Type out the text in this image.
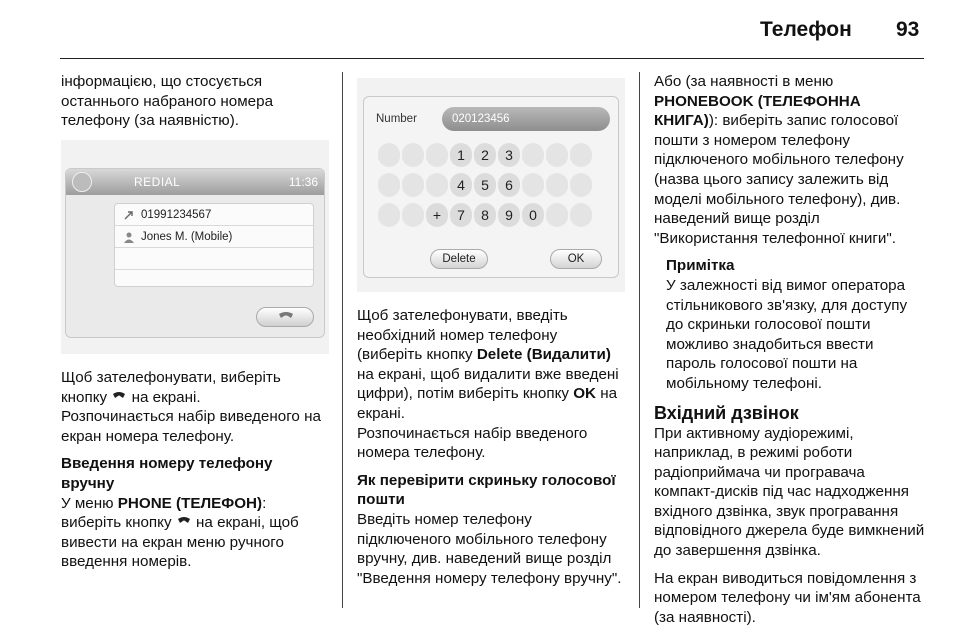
Телефон 93

інформацією, що стосується останнього набраного номера телефону (за наявністю).

REDIAL	11:36
01991234567
Jones M. (Mobile)

Щоб зателефонувати, виберіть кнопку на екрані.

Розпочинається набір виведеного на екран номера телефону.

Введення номеру телефону вручну

У меню PHONE (ТЕЛЕФОН): виберіть кнопку на екрані, щоб вивести на екран меню ручного введення номерів.

Number	020123456
1	2	3
4	5	6
+	7	8	9	0
Delete	OK

Щоб зателефонувати, введіть необхідний номер телефону (виберіть кнопку Delete (Видалити) на екрані, щоб видалити вже введені цифри), потім виберіть кнопку OK на екрані.

Розпочинається набір введеного номера телефону.

Як перевірити скриньку голосової пошти

Введіть номер телефону підключеного мобільного телефону вручну, див. наведений вище розділ "Введення номеру телефону вручну".

Або (за наявності в меню PHONEBOOK (ТЕЛЕФОННА КНИГА)): виберіть запис голосової пошти з номером телефону підключеного мобільного телефону (назва цього запису залежить від моделі мобільного телефону), див. наведений вище розділ "Використання телефонної книги".

Примітка

У залежності від вимог оператора стільникового зв'язку, для доступу до скриньки голосової пошти можливо знадобиться ввести пароль голосової пошти на мобільному телефоні.

Вхідний дзвінок

При активному аудіорежимі, наприклад, в режимі роботи радіоприймача чи програвача компакт-дисків під час надходження вхідного дзвінка, звук програвання відповідного джерела буде вимкнений до завершення дзвінка.

На екран виводиться повідомлення з номером телефону чи ім'ям абонента (за наявності).
